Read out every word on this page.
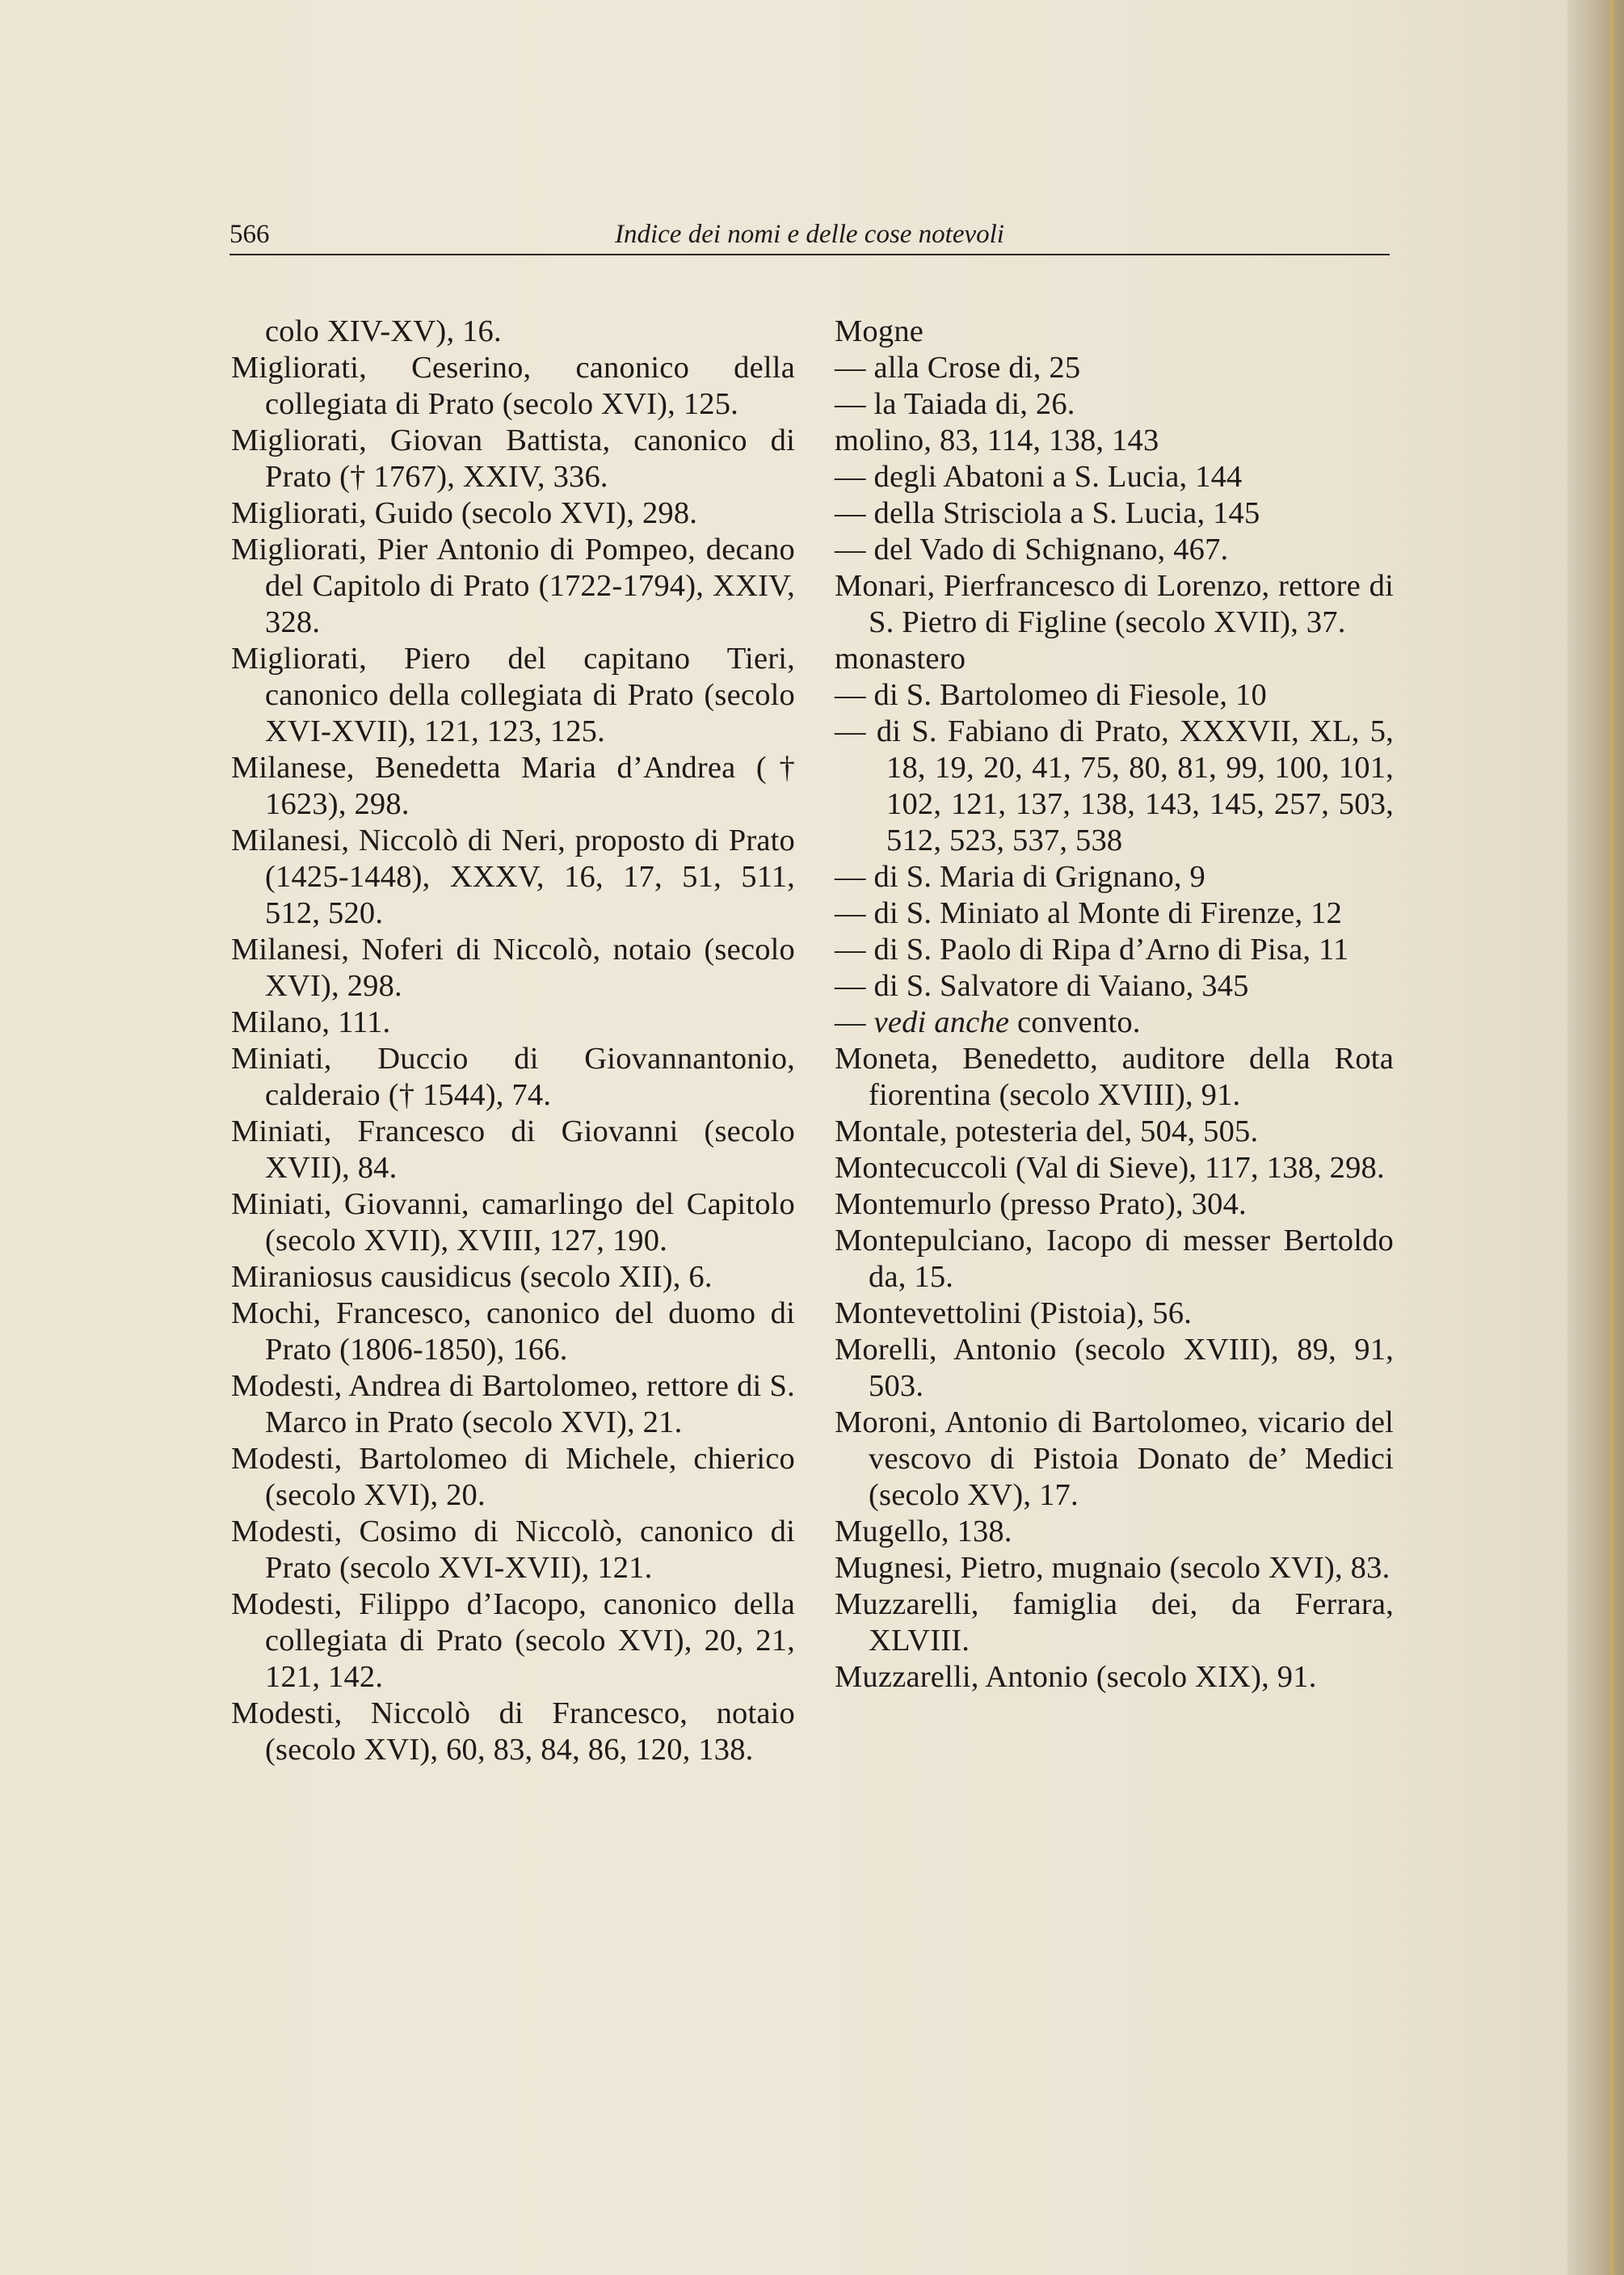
566	Indice dei nomi e delle cose notevoli

colo XIV-XV), 16.

Migliorati, Ceserino, canonico della collegiata di Prato (secolo XVI), 125.

Migliorati, Giovan Battista, canonico di Prato († 1767), XXIV, 336.

Migliorati, Guido (secolo XVI), 298.

Migliorati, Pier Antonio di Pompeo, decano del Capitolo di Prato (1722-1794), XXIV, 328.

Migliorati, Piero del capitano Tieri, canonico della collegiata di Prato (secolo XVI-XVII), 121, 123, 125.

Milanese, Benedetta Maria d’Andrea († 1623), 298.

Milanesi, Niccolò di Neri, proposto di Prato (1425-1448), XXXV, 16, 17, 51, 511, 512, 520.

Milanesi, Noferi di Niccolò, notaio (secolo XVI), 298.

Milano, 111.

Miniati, Duccio di Giovannantonio, calderaio († 1544), 74.

Miniati, Francesco di Giovanni (secolo XVII), 84.

Miniati, Giovanni, camarlingo del Capitolo (secolo XVII), XVIII, 127, 190.

Miraniosus causidicus (secolo XII), 6.

Mochi, Francesco, canonico del duomo di Prato (1806-1850), 166.

Modesti, Andrea di Bartolomeo, rettore di S. Marco in Prato (secolo XVI), 21.

Modesti, Bartolomeo di Michele, chierico (secolo XVI), 20.

Modesti, Cosimo di Niccolò, canonico di Prato (secolo XVI-XVII), 121.

Modesti, Filippo d’Iacopo, canonico della collegiata di Prato (secolo XVI), 20, 21, 121, 142.

Modesti, Niccolò di Francesco, notaio (secolo XVI), 60, 83, 84, 86, 120, 138.

Mogne

— alla Crose di, 25

— la Taiada di, 26.

molino, 83, 114, 138, 143

— degli Abatoni a S. Lucia, 144

— della Strisciola a S. Lucia, 145

— del Vado di Schignano, 467.

Monari, Pierfrancesco di Lorenzo, rettore di S. Pietro di Figline (secolo XVII), 37.

monastero

— di S. Bartolomeo di Fiesole, 10

— di S. Fabiano di Prato, XXXVII, XL, 5, 18, 19, 20, 41, 75, 80, 81, 99, 100, 101, 102, 121, 137, 138, 143, 145, 257, 503, 512, 523, 537, 538

— di S. Maria di Grignano, 9

— di S. Miniato al Monte di Firenze, 12

— di S. Paolo di Ripa d’Arno di Pisa, 11

— di S. Salvatore di Vaiano, 345

— vedi anche convento.

Moneta, Benedetto, auditore della Rota fiorentina (secolo XVIII), 91.

Montale, potesteria del, 504, 505.

Montecuccoli (Val di Sieve), 117, 138, 298.

Montemurlo (presso Prato), 304.

Montepulciano, Iacopo di messer Bertoldo da, 15.

Montevettolini (Pistoia), 56.

Morelli, Antonio (secolo XVIII), 89, 91, 503.

Moroni, Antonio di Bartolomeo, vicario del vescovo di Pistoia Donato de’ Medici (secolo XV), 17.

Mugello, 138.

Mugnesi, Pietro, mugnaio (secolo XVI), 83.

Muzzarelli, famiglia dei, da Ferrara, XLVIII.

Muzzarelli, Antonio (secolo XIX), 91.
